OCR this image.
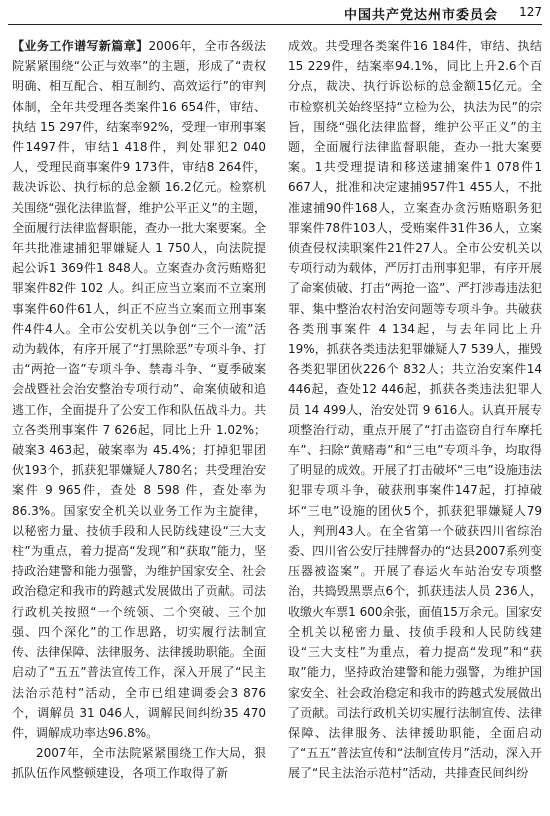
中国共产党达州市委员会 127

【业务工作谱写新篇章】2006年，全市各级法院紧紧围绕“公正与效率”的主题，形成了“责权明确、相互配合、相互制约、高效运行”的审判体制，全年共受理各类案件16 654件，审结、执结 15 297件，结案率92%，受理一审刑事案件1497件，审结1 418件，判处罪犯2 040人，受理民商事案件9 173件，审结8 264件，裁决诉讼、执行标的总金额 16.2亿元。检察机关围绕“强化法律监督，维护公平正义”的主题，全面履行法律监督职能，查办一批大案要案。全年共批准逮捕犯罪嫌疑人 1 750人，向法院提起公诉1 369件1 848人。立案查办贪污贿赂犯罪案件82件 102 人。纠正应当立案而不立案刑事案件60件61人，纠正不应当立案而立刑事案件4件4人。全市公安机关以争创“三个一流”活动为载体，有序开展了“打黑除恶”专项斗争、打击“两抢一盗”专项斗争、禁毒斗争、“夏季破案会战暨社会治安整治专项行动”、命案侦破和追逃工作，全面提升了公安工作和队伍战斗力。共立各类刑事案件 7 626起，同比上升 1.02%；破案3 463起，破案率为 45.4%；打掉犯罪团伙193个，抓获犯罪嫌疑人780名；共受理治安案件 9 965件，查处 8 598 件，查处率为86.3%。国家安全机关以业务工作为主旋律，以秘密力量、技侦手段和人民防线建设“三大支柱”为重点，着力提高“发现”和“获取”能力，坚持政治建警和能力强警，为维护国家安全、社会政治稳定和我市的跨越式发展做出了贡献。司法行政机关按照“一个统领、二个突破、三个加强、四个深化”的工作思路，切实履行法制宣传、法律保障、法律服务、法律援助职能。全面启动了“五五”普法宣传工作，深入开展了“民主法治示范村”活动，全市已组建调委会3 876个，调解员 31 046人，调解民间纠纷35 470件，调解成功率达96.8%。

2007年，全市法院紧紧围绕工作大局，狠抓队伍作风整顿建设，各项工作取得了新

成效。共受理各类案件16 184件，审结、执结15 229件，结案率94.1%，同比上升2.6个百分点，裁决、执行诉讼标的总金额15亿元。全市检察机关始终坚持“立检为公，执法为民”的宗旨，围绕“强化法律监督，维护公平正义”的主题，全面履行法律监督职能，查办一批大案要案。1共受理提请和移送逮捕案件1 078件1 667人，批准和决定逮捕957件1 455人，不批准逮捕90件168人，立案查办贪污贿赂职务犯罪案件78件103人，受贿案件31件36人，立案侦查侵权渎职案件21件27人。全市公安机关以专项行动为载体，严厉打击刑事犯罪，有序开展了命案侦破、打击“两抢一盗”、严打涉毒违法犯罪、集中整治农村治安问题等专项斗争。共破获各类刑事案件 4 134起，与去年同比上升19%，抓获各类违法犯罪嫌疑人7 539人，摧毁各类犯罪团伙226个 832人；共立治安案件14 446起，查处12 446起，抓获各类违法犯罪人员 14 499人，治安处罚 9 616人。认真开展专项整治行动，重点开展了“打击盗窃自行车摩托车”、扫除“黄赌毒”和“三电”专项斗争，均取得了明显的成效。开展了打击破坏“三电”设施违法犯罪专项斗争，破获刑事案件147起，打掉破坏“三电”设施的团伙5个，抓获犯罪嫌疑人79人，判刑43人。在全省第一个破获四川省综治委、四川省公安厅挂牌督办的“达县2007系列变压器被盗案”。开展了春运火车站治安专项整治，共捣毁黑票点6个，抓获违法人员 236人，收缴火车票1 600余张，面值15万余元。国家安全机关以秘密力量、技侦手段和人民防线建设“三大支柱”为重点，着力提高“发现”和“获取”能力，坚持政治建警和能力强警，为维护国家安全、社会政治稳定和我市的跨越式发展做出了贡献。司法行政机关切实履行法制宣传、法律保障、法律服务、法律援助职能，全面启动了“五五”普法宣传和“法制宣传月”活动，深入开展了“民主法治示范村”活动，共排查民间纠纷
